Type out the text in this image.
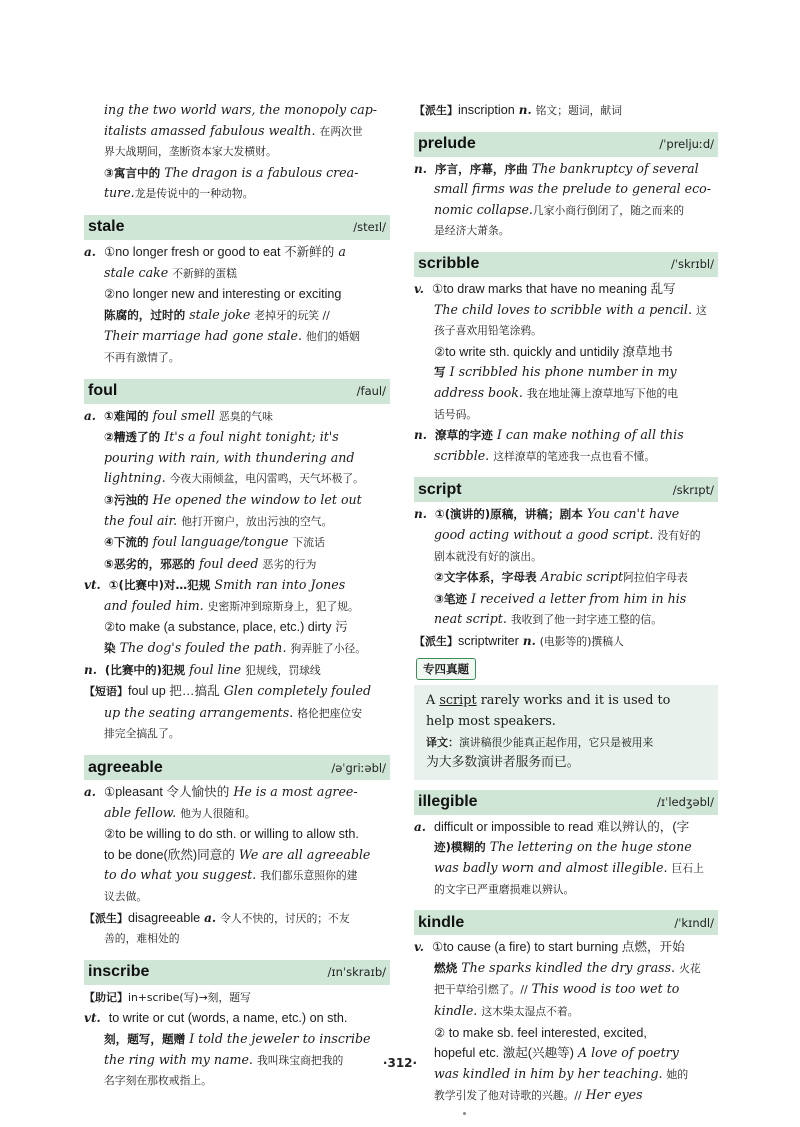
ing the two world wars, the monopoly cap-
italists amassed fabulous wealth. 在两次世
界大战期间，垄断资本家大发横财。
③寓言中的 The dragon is a fabulous crea-
ture.龙是传说中的一种动物。
stale	/steɪl/
a. ①no longer fresh or good to eat 不新鲜的 a
stale cake 不新鲜的蛋糕
②no longer new and interesting or exciting
陈腐的，过时的 stale joke 老掉牙的玩笑 //
Their marriage had gone stale. 他们的婚姻
不再有激情了。
foul	/faul/
a. ①难闻的 foul smell 恶臭的气味
②糟透了的 It's a foul night tonight; it's
pouring with rain, with thundering and
lightning. 今夜大雨倾盆，电闪雷鸣，天气坏极了。
③污浊的 He opened the window to let out
the foul air. 他打开窗户，放出污浊的空气。
④下流的 foul language/tongue 下流话
⑤恶劣的，邪恶的 foul deed 恶劣的行为
vt. ①(比赛中)对…犯规 Smith ran into Jones
and fouled him. 史密斯冲到琼斯身上，犯了规。
②to make (a substance, place, etc.) dirty 污
染 The dog's fouled the path. 狗弄脏了小径。
n. (比赛中的)犯规 foul line 犯规线，罚球线
【短语】foul up 把…搞乱 Glen completely fouled
up the seating arrangements. 格伦把座位安
排完全搞乱了。
agreeable	/əˈgriːəbl/
a. ①pleasant 令人愉快的 He is a most agree-
able fellow. 他为人很随和。
②to be willing to do sth. or willing to allow sth.
to be done(欣然)同意的 We are all agreeable
to do what you suggest. 我们都乐意照你的建
议去做。
【派生】disagreeable a. 令人不快的，讨厌的；不友
善的，难相处的
inscribe	/ɪnˈskraɪb/
【助记】in+scribe(写)→刻，题写
vt. to write or cut (words, a name, etc.) on sth.
刻，题写，题赠 I told the jeweler to inscribe
the ring with my name. 我叫珠宝商把我的
名字刻在那枚戒指上。
【派生】inscription n. 铭文；题词，献词
prelude	/ˈpreljuːd/
n. 序言，序幕，序曲 The bankruptcy of several
small firms was the prelude to general eco-
nomic collapse.几家小商行倒闭了，随之而来的
是经济大萧条。
scribble	/ˈskrɪbl/
v. ①to draw marks that have no meaning 乱写
The child loves to scribble with a pencil. 这
孩子喜欢用铅笔涂鸦。
②to write sth. quickly and untidily 潦草地书
写 I scribbled his phone number in my
address book. 我在地址簿上潦草地写下他的电
话号码。
n. 潦草的字迹 I can make nothing of all this
scribble. 这样潦草的笔迹我一点也看不懂。
script	/skrɪpt/
n. ①(演讲的)原稿，讲稿；剧本 You can't have
good acting without a good script. 没有好的
剧本就没有好的演出。
②文字体系，字母表 Arabic script阿拉伯字母表
③笔迹 I received a letter from him in his
neat script. 我收到了他一封字迹工整的信。
【派生】scriptwriter n. (电影等的)撰稿人
专四真题
A script rarely works and it is used to
help most speakers.
译文：演讲稿很少能真正起作用，它只是被用来
为大多数演讲者服务而已。
illegible	/ɪˈledʒəbl/
a. difficult or impossible to read 难以辨认的，(字
迹)模糊的 The lettering on the huge stone
was badly worn and almost illegible. 巨石上
的文字已严重磨损难以辨认。
kindle	/ˈkɪndl/
v. ①to cause (a fire) to start burning 点燃，开始
燃烧 The sparks kindled the dry grass. 火花
把干草给引燃了。// This wood is too wet to
kindle. 这木柴太湿点不着。
② to make sb. feel interested, excited,
hopeful etc. 激起(兴趣等) A love of poetry
was kindled in him by her teaching. 她的
教学引发了他对诗歌的兴趣。// Her eyes
·312·
